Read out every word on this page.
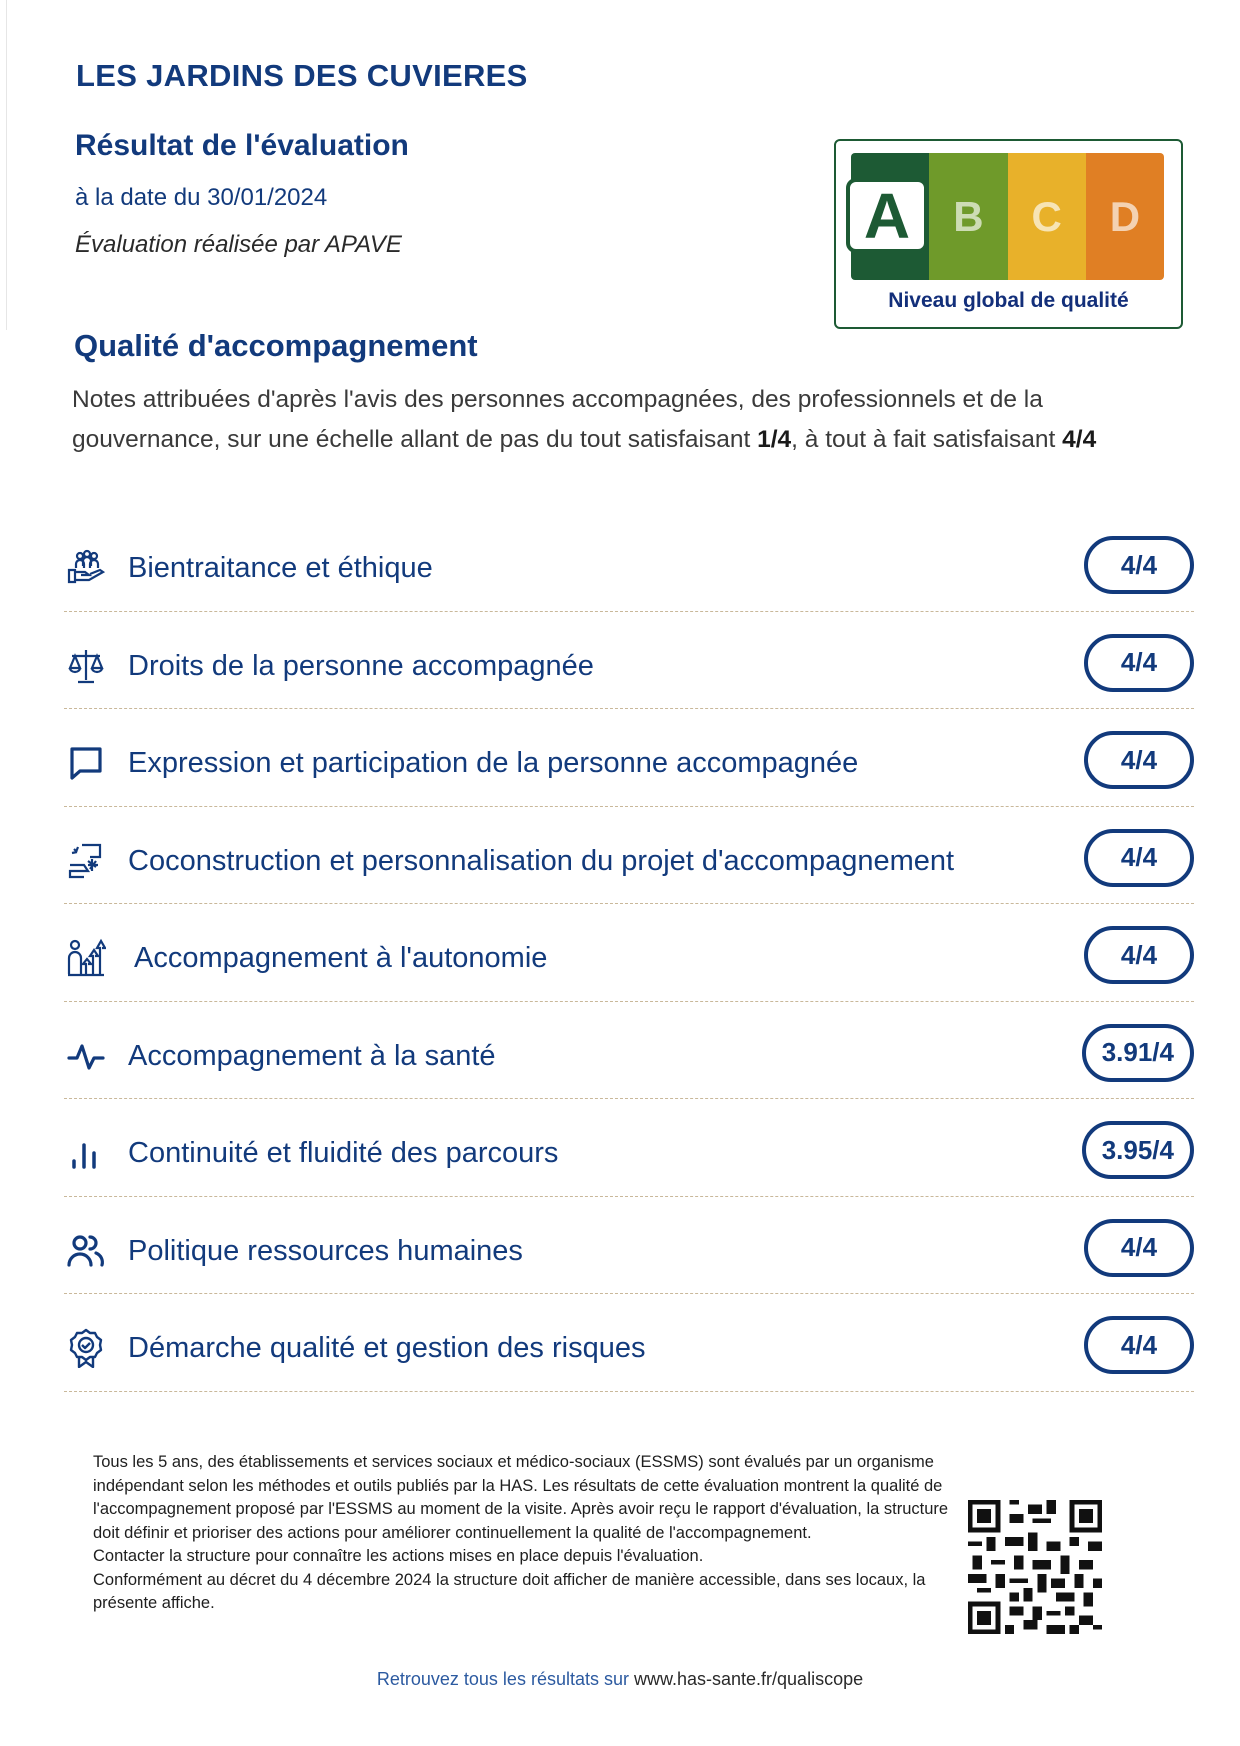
LES JARDINS DES CUVIERES
Résultat de l'évaluation
à la date du 30/01/2024
Évaluation réalisée par APAVE
B	C	D
A
Niveau global de qualité
Qualité d'accompagnement
Notes attribuées d'après l'avis des personnes accompagnées, des professionnels et de la gouvernance, sur une échelle allant de pas du tout satisfaisant 1/4, à tout à fait satisfaisant 4/4
Bientraitance et éthique	4/4
Droits de la personne accompagnée	4/4
Expression et participation de la personne accompagnée	4/4
Coconstruction et personnalisation du projet d'accompagnement	4/4
Accompagnement à l'autonomie	4/4
Accompagnement à la santé	3.91/4
Continuité et fluidité des parcours	3.95/4
Politique ressources humaines	4/4
Démarche qualité et gestion des risques	4/4

Tous les 5 ans, des établissements et services sociaux et médico-sociaux (ESSMS) sont évalués par un organisme indépendant selon les méthodes et outils publiés par la HAS. Les résultats de cette évaluation montrent la qualité de l'accompagnement proposé par l'ESSMS au moment de la visite. Après avoir reçu le rapport d'évaluation, la structure doit définir et prioriser des actions pour améliorer continuellement la qualité de l'accompagnement.

Contacter la structure pour connaître les actions mises en place depuis l'évaluation.

Conformément au décret du 4 décembre 2024 la structure doit afficher de manière accessible, dans ses locaux, la présente affiche.

Retrouvez tous les résultats sur www.has-sante.fr/qualiscope
